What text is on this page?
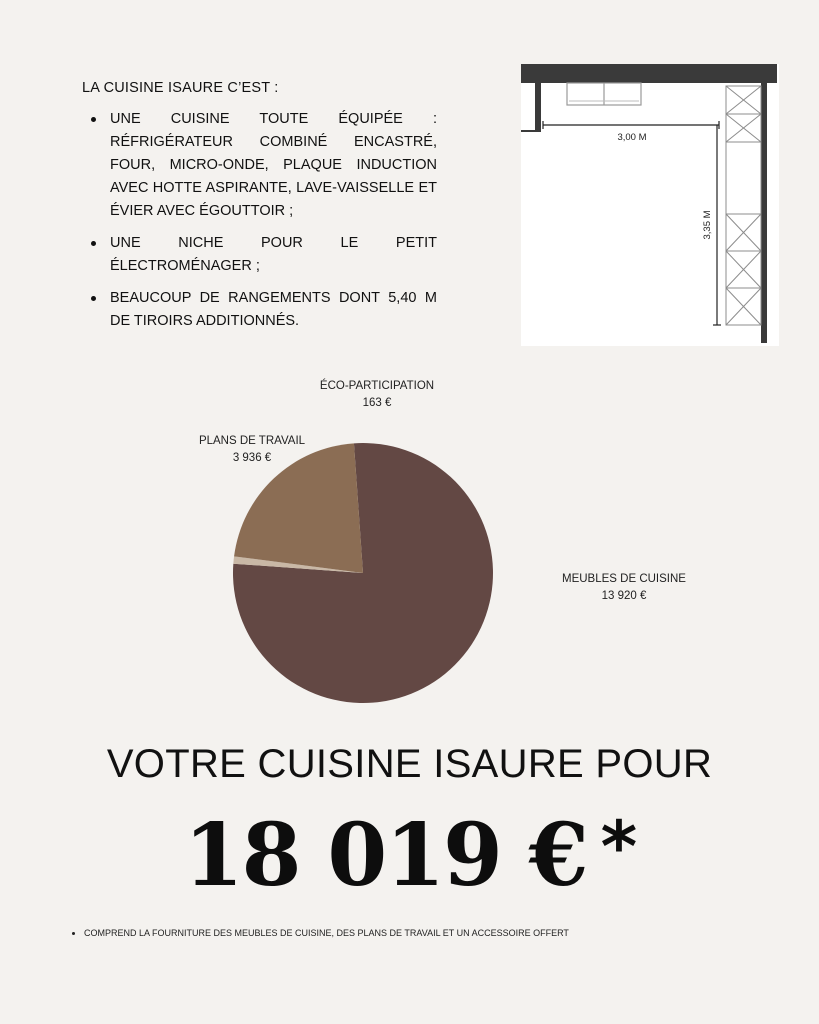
LA CUISINE ISAURE C’EST :

UNE CUISINE TOUTE ÉQUIPÉE : RÉFRIGÉRATEUR COMBINÉ ENCASTRÉ, FOUR, MICRO-ONDE, PLAQUE INDUCTION AVEC HOTTE ASPIRANTE, LAVE-VAISSELLE ET ÉVIER AVEC ÉGOUTTOIR ;
UNE NICHE POUR LE PETIT ÉLECTROMÉNAGER ;
BEAUCOUP DE RANGEMENTS DONT 5,40 M DE TIROIRS ADDITIONNÉS.
3,00 M
3,35 M
ÉCO-PARTICIPATION
163 €
PLANS DE TRAVAIL
3 936 €
MEUBLES DE CUISINE
13 920 €
VOTRE CUISINE ISAURE POUR
18 019 € *
COMPREND LA FOURNITURE DES MEUBLES DE CUISINE, DES PLANS DE TRAVAIL ET UN ACCESSOIRE OFFERT
